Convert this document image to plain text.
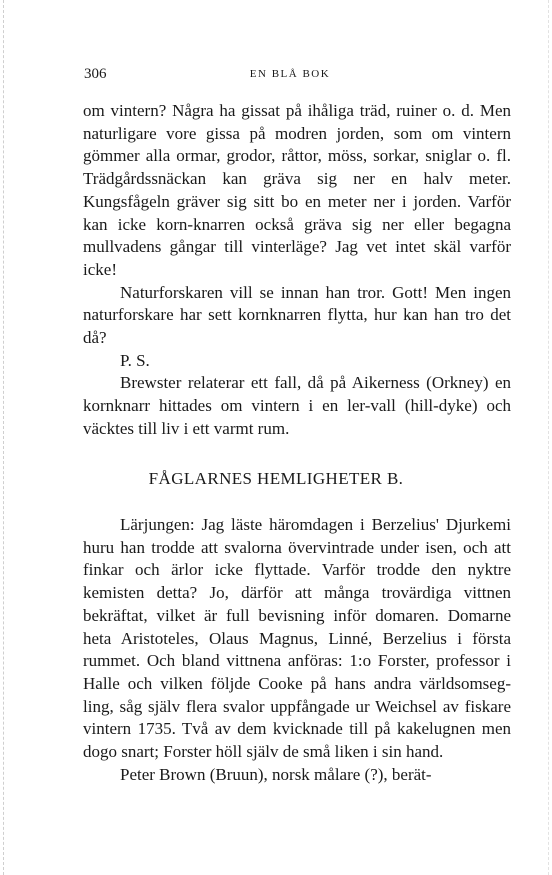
306	EN BLÅ BOK

om vintern? Några ha gissat på ihåliga träd, ruiner o. d. Men naturligare vore gissa på modren jorden, som om vintern gömmer alla ormar, grodor, råttor, möss, sorkar, sniglar o. fl. Trädgårdssnäckan kan gräva sig ner en halv meter. Kungsfågeln gräver sig sitt bo en meter ner i jorden. Varför kan icke korn-knarren också gräva sig ner eller begagna mullvadens gångar till vinterläge? Jag vet intet skäl varför icke!

Naturforskaren vill se innan han tror. Gott! Men ingen naturforskare har sett kornknarren flytta, hur kan han tro det då?

P. S.

Brewster relaterar ett fall, då på Aikerness (Orkney) en kornknarr hittades om vintern i en ler-vall (hill-dyke) och väcktes till liv i ett varmt rum.

FÅGLARNES HEMLIGHETER B.

Lärjungen: Jag läste häromdagen i Berzelius' Djurkemi huru han trodde att svalorna övervintrade under isen, och att finkar och ärlor icke flyttade. Varför trodde den nyktre kemisten detta? Jo, därför att många trovärdiga vittnen bekräftat, vilket är full bevisning inför domaren. Domarne heta Aristoteles, Olaus Magnus, Linné, Berzelius i första rummet. Och bland vittnena anföras: 1:o Forster, professor i Halle och vilken följde Cooke på hans andra världsomseg-ling, såg själv flera svalor uppfångade ur Weichsel av fiskare vintern 1735. Två av dem kvicknade till på kakelugnen men dogo snart; Forster höll själv de små liken i sin hand.

Peter Brown (Bruun), norsk målare (?), berät-
